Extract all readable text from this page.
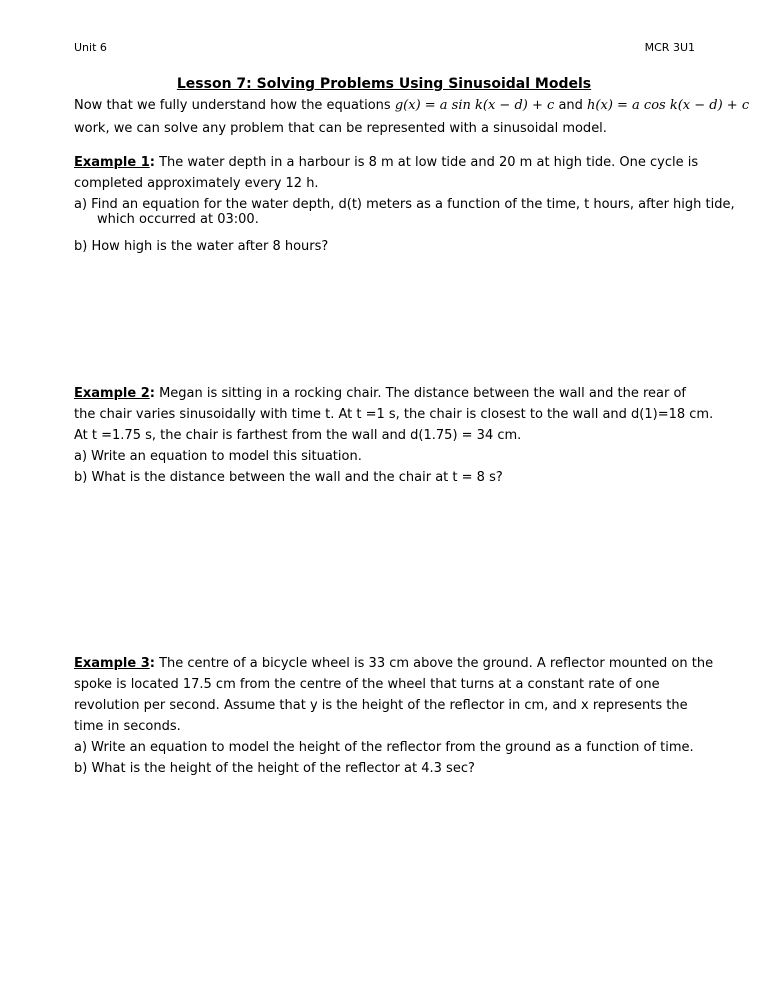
Unit 6	MCR 3U1
Lesson 7: Solving Problems Using Sinusoidal Models
Now that we fully understand how the equations g(x) = a sin k(x − d) + c and h(x) = a cos k(x − d) + c
work, we can solve any problem that can be represented with a sinusoidal model.
Example 1: The water depth in a harbour is 8 m at low tide and 20 m at high tide. One cycle is
completed approximately every 12 h.
a) Find an equation for the water depth, d(t) meters as a function of the time, t hours, after high tide, which occurred at 03:00.
b) How high is the water after 8 hours?
Example 2: Megan is sitting in a rocking chair. The distance between the wall and the rear of
the chair varies sinusoidally with time t. At t =1 s, the chair is closest to the wall and d(1)=18 cm.
At t =1.75 s, the chair is farthest from the wall and d(1.75) = 34 cm.
a) Write an equation to model this situation.
b) What is the distance between the wall and the chair at t = 8 s?
Example 3: The centre of a bicycle wheel is 33 cm above the ground. A reflector mounted on the
spoke is located 17.5 cm from the centre of the wheel that turns at a constant rate of one
revolution per second. Assume that y is the height of the reflector in cm, and x represents the
time in seconds.
a) Write an equation to model the height of the reflector from the ground as a function of time.
b) What is the height of the height of the reflector at 4.3 sec?
